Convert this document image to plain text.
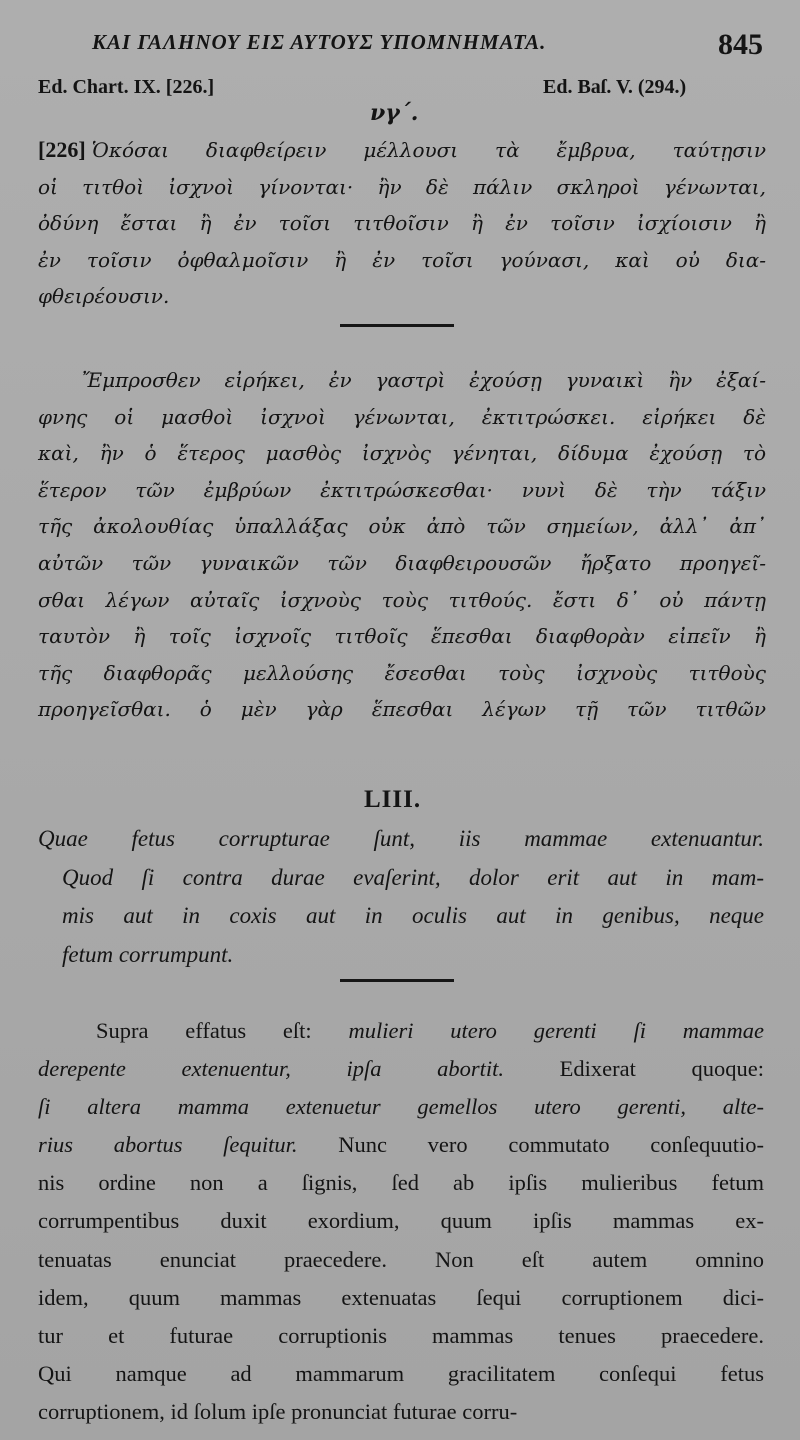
ΚΑΙ ΓΑΛΗΝΟΥ ΕΙΣ ΑΥΤΟΥΣ ΥΠΟΜΝΗΜΑΤΑ.	845
Ed. Chart. IX. [226.]	Ed. Baſ. V. (294.)
νγ΄.
[226] Ὁκόσαι διαφθείρειν μέλλουσι τὰ ἔμβρυα, ταύτῃσιν
οἱ τιτθοὶ ἰσχνοὶ γίνονται· ἢν δὲ πάλιν σκληροὶ γένωνται,
ὀδύνη ἔσται ἢ ἐν τοῖσι τιτθοῖσιν ἢ ἐν τοῖσιν ἰσχίοισιν ἢ
ἐν τοῖσιν ὀφθαλμοῖσιν ἢ ἐν τοῖσι γούνασι, καὶ οὐ δια-
φθειρέουσιν.
Ἔμπροσθεν εἰρήκει, ἐν γαστρὶ ἐχούσῃ γυναικὶ ἢν ἐξαί-
φνης οἱ μασθοὶ ἰσχνοὶ γένωνται, ἐκτιτρώσκει. εἰρήκει δὲ
καὶ, ἢν ὁ ἕτερος μασθὸς ἰσχνὸς γένηται, δίδυμα ἐχούσῃ τὸ
ἕτερον τῶν ἐμβρύων ἐκτιτρώσκεσθαι· νυνὶ δὲ τὴν τάξιν
τῆς ἀκολουθίας ὑπαλλάξας οὐκ ἀπὸ τῶν σημείων, ἀλλ᾽ ἀπ᾽
αὐτῶν τῶν γυναικῶν τῶν διαφθειρουσῶν ἤρξατο προηγεῖ-
σθαι λέγων αὐταῖς ἰσχνοὺς τοὺς τιτθούς. ἔστι δ᾽ οὐ πάντῃ
ταυτὸν ἢ τοῖς ἰσχνοῖς τιτθοῖς ἕπεσθαι διαφθορὰν εἰπεῖν ἢ
τῆς διαφθορᾶς μελλούσης ἔσεσθαι τοὺς ἰσχνοὺς τιτθοὺς
προηγεῖσθαι. ὁ μὲν γὰρ ἕπεσθαι λέγων τῇ τῶν τιτθῶν
LIII.
Quae fetus corrupturae ſunt, iis mammae extenuantur.
Quod ſi contra durae evaſerint, dolor erit aut in mam-
mis aut in coxis aut in oculis aut in genibus, neque
fetum corrumpunt.
Supra effatus eſt: mulieri utero gerenti ſi mammae
derepente extenuentur, ipſa abortit. Edixerat quoque:
ſi altera mamma extenuetur gemellos utero gerenti, alte-
rius abortus ſequitur. Nunc vero commutato conſequutio-
nis ordine non a ſignis, ſed ab ipſis mulieribus fetum
corrumpentibus duxit exordium, quum ipſis mammas ex-
tenuatas enunciat praecedere. Non eſt autem omnino
idem, quum mammas extenuatas ſequi corruptionem dici-
tur et futurae corruptionis mammas tenues praecedere.
Qui namque ad mammarum gracilitatem conſequi fetus
corruptionem, id ſolum ipſe pronunciat futurae corru-
